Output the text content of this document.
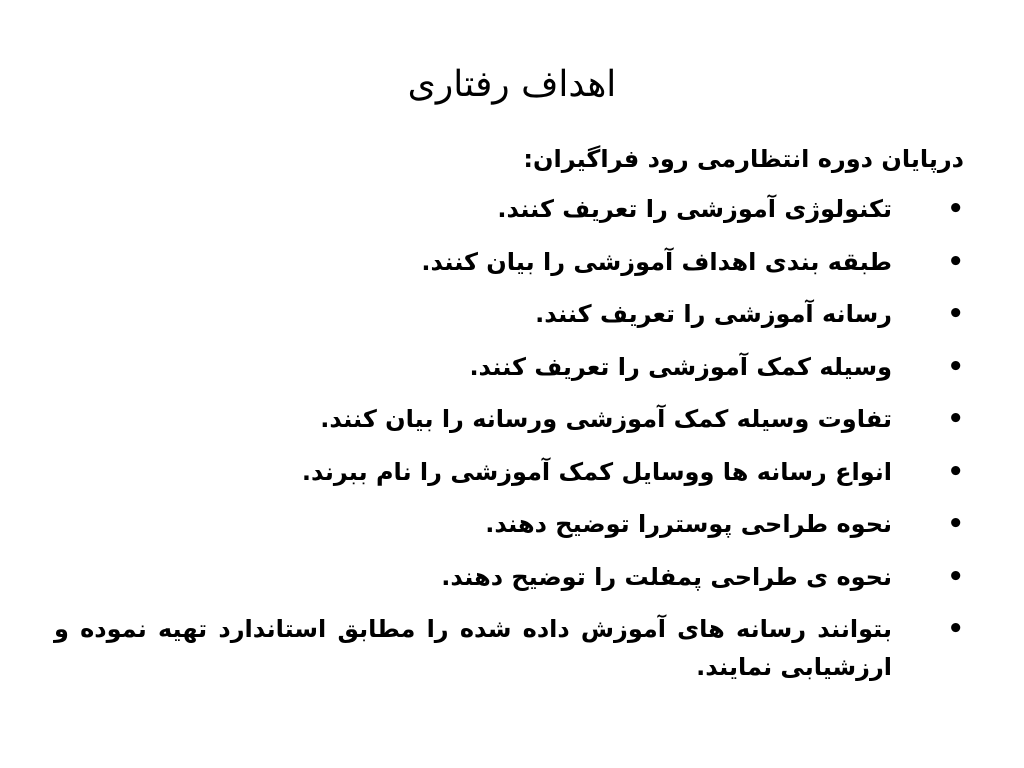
اهداف رفتاری
درپایان دوره انتظارمی رود فراگیران:
•
تکنولوژی آموزشی را تعریف کنند.
•
طبقه بندی اهداف آموزشی را بیان کنند.
•
رسانه آموزشی را تعریف کنند.
•
وسیله کمک آموزشی را تعریف کنند.
•
تفاوت وسیله کمک آموزشی ورسانه را بیان کنند.
•
انواع رسانه ها ووسایل کمک آموزشی را نام ببرند.
•
نحوه طراحی پوستررا توضیح دهند.
•
نحوه ی طراحی پمفلت را توضیح دهند.
•
بتوانند رسانه های آموزش داده شده را مطابق استاندارد تهیه نموده و ارزشیابی نمایند.
